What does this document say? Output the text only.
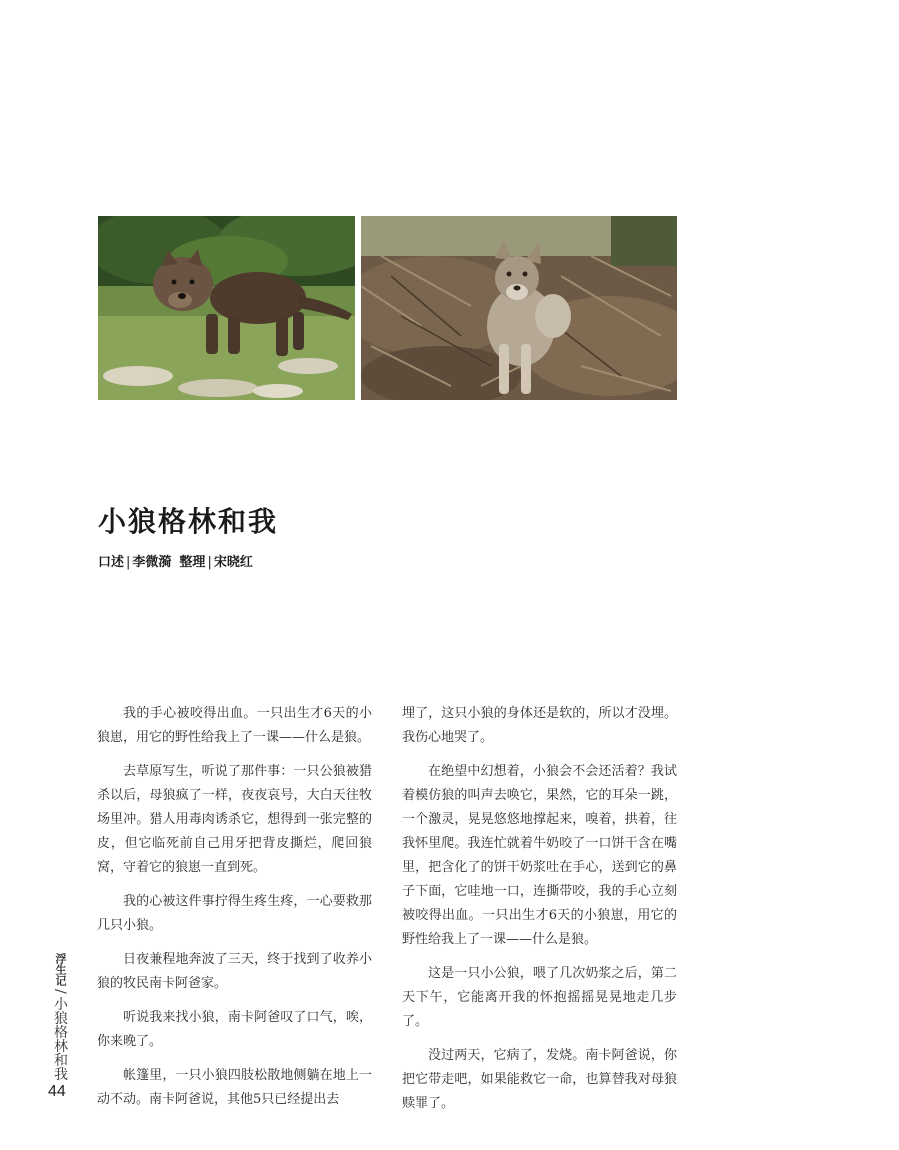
小狼格林和我
口述 | 李微漪 整理 | 宋晓红

我的手心被咬得出血。一只出生才6天的小狼崽，用它的野性给我上了一课——什么是狼。

去草原写生，听说了那件事：一只公狼被猎杀以后，母狼疯了一样，夜夜哀号，大白天往牧场里冲。猎人用毒肉诱杀它，想得到一张完整的皮，但它临死前自己用牙把背皮撕烂，爬回狼窝，守着它的狼崽一直到死。

我的心被这件事拧得生疼生疼，一心要救那几只小狼。

日夜兼程地奔波了三天，终于找到了收养小狼的牧民南卡阿爸家。

听说我来找小狼，南卡阿爸叹了口气，唉，你来晚了。

帐篷里，一只小狼四肢松散地侧躺在地上一动不动。南卡阿爸说，其他5只已经提出去

埋了，这只小狼的身体还是软的，所以才没埋。我伤心地哭了。

在绝望中幻想着，小狼会不会还活着？我试着模仿狼的叫声去唤它，果然，它的耳朵一跳，一个激灵，晃晃悠悠地撑起来，嗅着，拱着，往我怀里爬。我连忙就着牛奶咬了一口饼干含在嘴里，把含化了的饼干奶浆吐在手心，送到它的鼻子下面，它哇地一口，连撕带咬，我的手心立刻被咬得出血。一只出生才6天的小狼崽，用它的野性给我上了一课——什么是狼。

这是一只小公狼，喂了几次奶浆之后，第二天下午，它能离开我的怀抱摇摇晃晃地走几步了。

没过两天，它病了，发烧。南卡阿爸说，你把它带走吧，如果能救它一命，也算替我对母狼赎罪了。

浮生记/小狼格林和我
44
